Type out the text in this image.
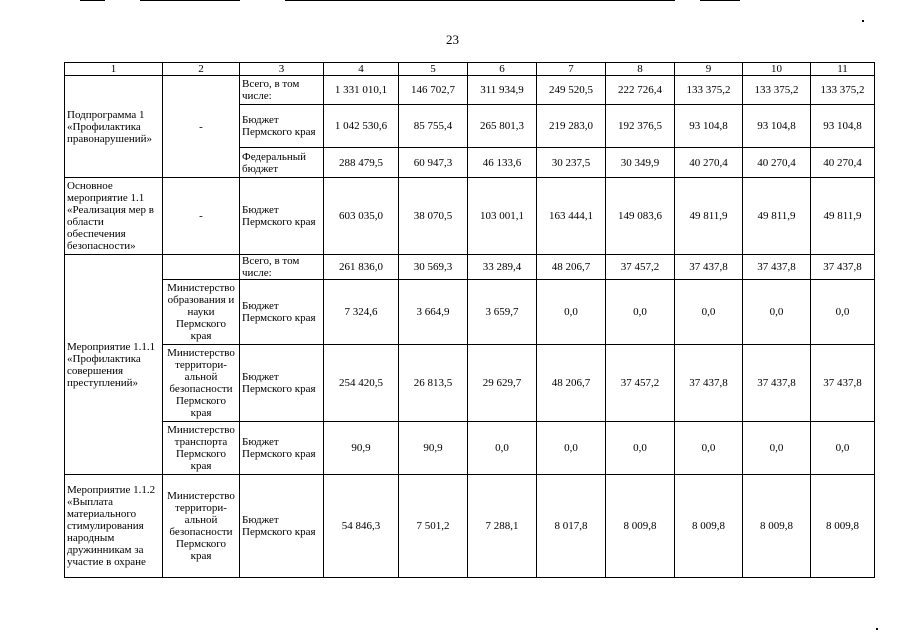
23
1	2	3	4	5	6	7	8	9	10	11
Подпрограмма 1 «Профилактика правонарушений»	-	Всего, в том числе:	1 331 010,1	146 702,7	311 934,9	249 520,5	222 726,4	133 375,2	133 375,2	133 375,2
		Бюджет Пермского края	1 042 530,6	85 755,4	265 801,3	219 283,0	192 376,5	93 104,8	93 104,8	93 104,8
		Федеральный бюджет	288 479,5	60 947,3	46 133,6	30 237,5	30 349,9	40 270,4	40 270,4	40 270,4
Основное мероприятие 1.1 «Реализация мер в области обеспечения безопасности»	-	Бюджет Пермского края	603 035,0	38 070,5	103 001,1	163 444,1	149 083,6	49 811,9	49 811,9	49 811,9
Мероприятие 1.1.1 «Профилактика совершения преступлений»		Всего, в том числе:	261 836,0	30 569,3	33 289,4	48 206,7	37 457,2	37 437,8	37 437,8	37 437,8
	Министерство образования и науки Пермского края	Бюджет Пермского края	7 324,6	3 664,9	3 659,7	0,0	0,0	0,0	0,0	0,0
	Министерство территори-альной безопасности Пермского края	Бюджет Пермского края	254 420,5	26 813,5	29 629,7	48 206,7	37 457,2	37 437,8	37 437,8	37 437,8
	Министерство транспорта Пермского края	Бюджет Пермского края	90,9	90,9	0,0	0,0	0,0	0,0	0,0	0,0
Мероприятие 1.1.2 «Выплата материального стимулирования народным дружинникам за участие в охране	Министерство территори-альной безопасности Пермского края	Бюджет Пермского края	54 846,3	7 501,2	7 288,1	8 017,8	8 009,8	8 009,8	8 009,8	8 009,8
